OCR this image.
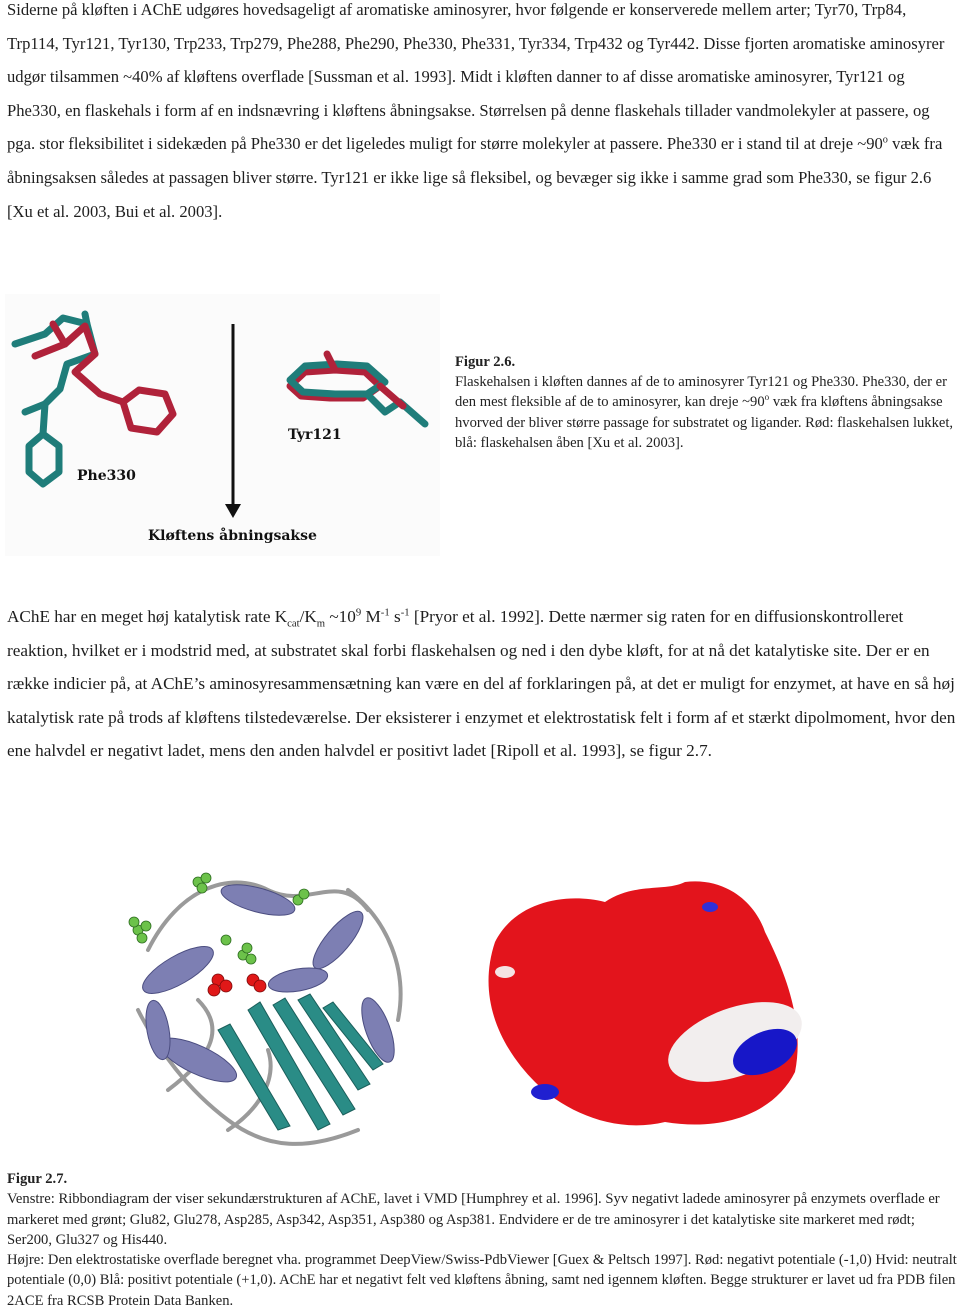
Siderne på kløften i AChE udgøres hovedsageligt af aromatiske aminosyrer, hvor følgende er konserverede mellem arter; Tyr70, Trp84, Trp114, Tyr121, Tyr130, Trp233, Trp279, Phe288, Phe290, Phe330, Phe331, Tyr334, Trp432 og Tyr442. Disse fjorten aromatiske aminosyrer udgør tilsammen ~40% af kløftens overflade [Sussman et al. 1993]. Midt i kløften danner to af disse aromatiske aminosyrer, Tyr121 og Phe330, en flaskehals i form af en indsnævring i kløftens åbningsakse. Størrelsen på denne flaskehals tillader vandmolekyler at passere, og pga. stor fleksibilitet i sidekæden på Phe330 er det ligeledes muligt for større molekyler at passere. Phe330 er i stand til at dreje ~90$^o$ væk fra åbningsaksen således at passagen bliver større. Tyr121 er ikke lige så fleksibel, og bevæger sig ikke i samme grad som Phe330, se figur 2.6 [Xu et al. 2003, Bui et al. 2003].

Phe330
Tyr121
Kløftens åbningsakse
Figur 2.6.
Flaskehalsen i kløften dannes af de to aminosyrer Tyr121 og Phe330. Phe330, der er den mest fleksible af de to aminosyrer, kan dreje ~90$^o$ væk fra kløftens åbningsakse hvorved der bliver større passage for substratet og ligander. Rød: flaskehalsen lukket, blå: flaskehalsen åben [Xu et al. 2003].

AChE har en meget høj katalytisk rate $K_{cat}/K_m$ $\sim 10^9$ $M^{-1}$ $s^{-1}$ [Pryor et al. 1992]. Dette nærmer sig raten for en diffusionskontrolleret reaktion, hvilket er i modstrid med, at substratet skal forbi flaskehalsen og ned i den dybe kløft, for at nå det katalytiske site. Der er en række indicier på, at AChE’s aminosyresammensætning kan være en del af forklaringen på, at det er muligt for enzymet, at have en så høj katalytisk rate på trods af kløftens tilstedeværelse. Der eksisterer i enzymet et elektrostatisk felt i form af et stærkt dipolmoment, hvor den ene halvdel er negativt ladet, mens den anden halvdel er positivt ladet [Ripoll et al. 1993], se figur 2.7.

Figur 2.7.
Venstre: Ribbondiagram der viser sekundærstrukturen af AChE, lavet i VMD [Humphrey et al. 1996]. Syv negativt ladede aminosyrer på enzymets overflade er markeret med grønt; Glu82, Glu278, Asp285, Asp342, Asp351, Asp380 og Asp381. Endvidere er de tre aminosyrer i det katalytiske site markeret med rødt; Ser200, Glu327 og His440.
Højre: Den elektrostatiske overflade beregnet vha. programmet DeepView/Swiss-PdbViewer [Guex & Peltsch 1997]. Rød: negativt potentiale (-1,0) Hvid: neutralt potentiale (0,0) Blå: positivt potentiale (+1,0). AChE har et negativt felt ved kløftens åbning, samt ned igennem kløften. Begge strukturer er lavet ud fra PDB filen 2ACE fra RCSB Protein Data Banken.
